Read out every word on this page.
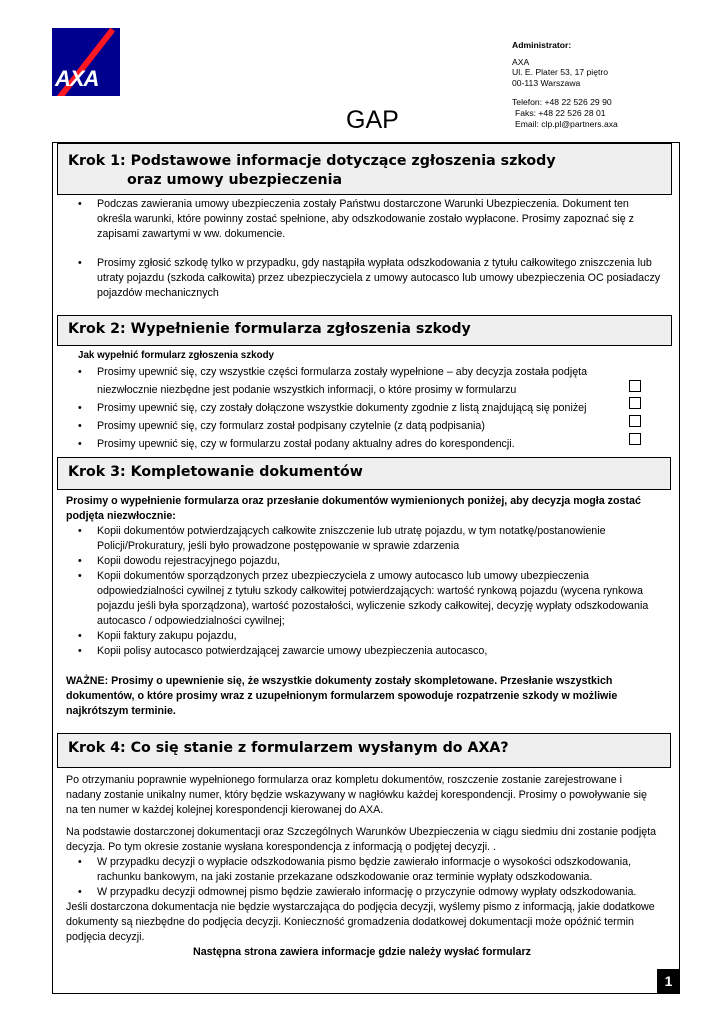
AXA
Administrator:
AXA
Ul. E. Plater 53, 17 piętro
00-113 Warszawa
Telefon: +48 22 526 29 90
Faks: +48 22 526 28 01
Email: clp.pl@partners.axa
GAP
Krok 1: Podstawowe informacje dotyczące zgłoszenia szkody
oraz umowy ubezpieczenia
• Podczas zawierania umowy ubezpieczenia zostały Państwu dostarczone Warunki Ubezpieczenia. Dokument ten określa warunki, które powinny zostać spełnione, aby odszkodowanie zostało wypłacone. Prosimy zapoznać się z zapisami zawartymi w ww. dokumencie.
• Prosimy zgłosić szkodę tylko w przypadku, gdy nastąpiła wypłata odszkodowania z tytułu całkowitego zniszczenia lub utraty pojazdu (szkoda całkowita) przez ubezpieczyciela z umowy autocasco lub umowy ubezpieczenia OC posiadaczy pojazdów mechanicznych
Krok 2: Wypełnienie formularza zgłoszenia szkody
Jak wypełnić formularz zgłoszenia szkody
• Prosimy upewnić się, czy wszystkie części formularza zostały wypełnione – aby decyzja została podjęta niezwłocznie niezbędne jest podanie wszystkich informacji, o które prosimy w formularzu
• Prosimy upewnić się, czy zostały dołączone wszystkie dokumenty zgodnie z listą znajdującą się poniżej
• Prosimy upewnić się, czy formularz został podpisany czytelnie (z datą podpisania)
• Prosimy upewnić się, czy w formularzu został podany aktualny adres do korespondencji.
Krok 3: Kompletowanie dokumentów

Prosimy o wypełnienie formularza oraz przesłanie dokumentów wymienionych poniżej, aby decyzja mogła zostać podjęta niezwłocznie:

• Kopii dokumentów potwierdzających całkowite zniszczenie lub utratę pojazdu, w tym notatkę/postanowienie Policji/Prokuratury, jeśli było prowadzone postępowanie w sprawie zdarzenia
• Kopii dowodu rejestracyjnego pojazdu,
• Kopii dokumentów sporządzonych przez ubezpieczyciela z umowy autocasco lub umowy ubezpieczenia odpowiedzialności cywilnej z tytułu szkody całkowitej potwierdzających: wartość rynkową pojazdu (wycena rynkowa pojazdu jeśli była sporządzona), wartość pozostałości, wyliczenie szkody całkowitej, decyzję wypłaty odszkodowania autocasco / odpowiedzialności cywilnej;
• Kopii faktury zakupu pojazdu,
• Kopii polisy autocasco potwierdzającej zawarcie umowy ubezpieczenia autocasco,

WAŻNE: Prosimy o upewnienie się, że wszystkie dokumenty zostały skompletowane. Przesłanie wszystkich dokumentów, o które prosimy wraz z uzupełnionym formularzem spowoduje rozpatrzenie szkody w możliwie najkrótszym terminie.

Krok 4: Co się stanie z formularzem wysłanym do AXA?

Po otrzymaniu poprawnie wypełnionego formularza oraz kompletu dokumentów, roszczenie zostanie zarejestrowane i nadany zostanie unikalny numer, który będzie wskazywany w nagłówku każdej korespondencji. Prosimy o powoływanie się na ten numer w każdej kolejnej korespondencji kierowanej do AXA.

Na podstawie dostarczonej dokumentacji oraz Szczególnych Warunków Ubezpieczenia w ciągu siedmiu dni zostanie podjęta decyzja. Po tym okresie zostanie wysłana korespondencja z informacją o podjętej decyzji. .

• W przypadku decyzji o wypłacie odszkodowania pismo będzie zawierało informacje o wysokości odszkodowania, rachunku bankowym, na jaki zostanie przekazane odszkodowanie oraz terminie wypłaty odszkodowania.
• W przypadku decyzji odmownej pismo będzie zawierało informację o przyczynie odmowy wypłaty odszkodowania.

Jeśli dostarczona dokumentacja nie będzie wystarczająca do podjęcia decyzji, wyślemy pismo z informacją, jakie dodatkowe dokumenty są niezbędne do podjęcia decyzji. Konieczność gromadzenia dodatkowej dokumentacji może opóźnić termin podjęcia decyzji.

Następna strona zawiera informacje gdzie należy wysłać formularz

1
